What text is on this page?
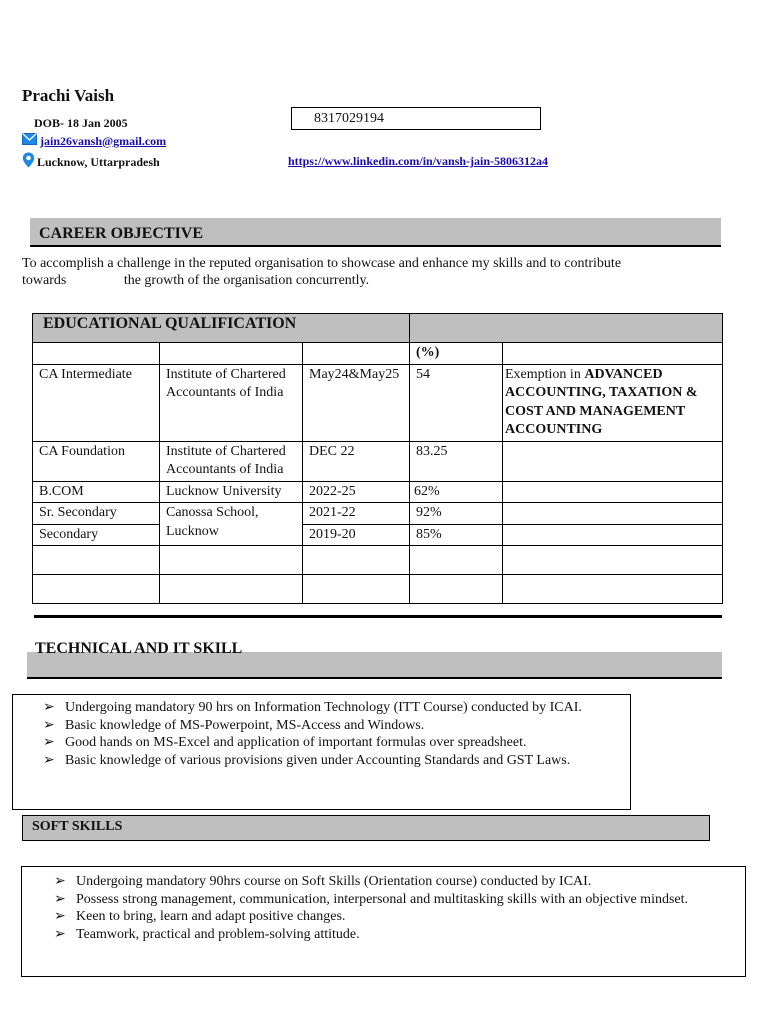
Prachi Vaish
DOB- 18 Jan 2005
jain26vansh@gmail.com
Lucknow, Uttarpradesh
8317029194
https://www.linkedin.com/in/vansh-jain-5806312a4
CAREER OBJECTIVE
To accomplish a challenge in the reputed organisation to showcase and enhance my skills and to contribute
towards	the growth of the organisation concurrently.
EDUCATIONAL QUALIFICATION				
			(%)	
CA Intermediate	Institute of Chartered Accountants of India	May24&May25	54	Exemption in ADVANCED ACCOUNTING, TAXATION & COST AND MANAGEMENT ACCOUNTING
CA Foundation	Institute of Chartered Accountants of India	DEC 22	83.25	
B.COM	Lucknow University	2022-25	62%	
Sr. Secondary	Canossa School, Lucknow	2021-22	92%	
Secondary		2019-20	85%	

TECHNICAL AND IT SKILL
➢ Undergoing mandatory 90 hrs on Information Technology (ITT Course) conducted by ICAI.
➢ Basic knowledge of MS-Powerpoint, MS-Access and Windows.
➢ Good hands on MS-Excel and application of important formulas over spreadsheet.
➢ Basic knowledge of various provisions given under Accounting Standards and GST Laws.
SOFT SKILLS
➢ Undergoing mandatory 90hrs course on Soft Skills (Orientation course) conducted by ICAI.
➢ Possess strong management, communication, interpersonal and multitasking skills with an objective mindset.
➢ Keen to bring, learn and adapt positive changes.
➢ Teamwork, practical and problem-solving attitude.
